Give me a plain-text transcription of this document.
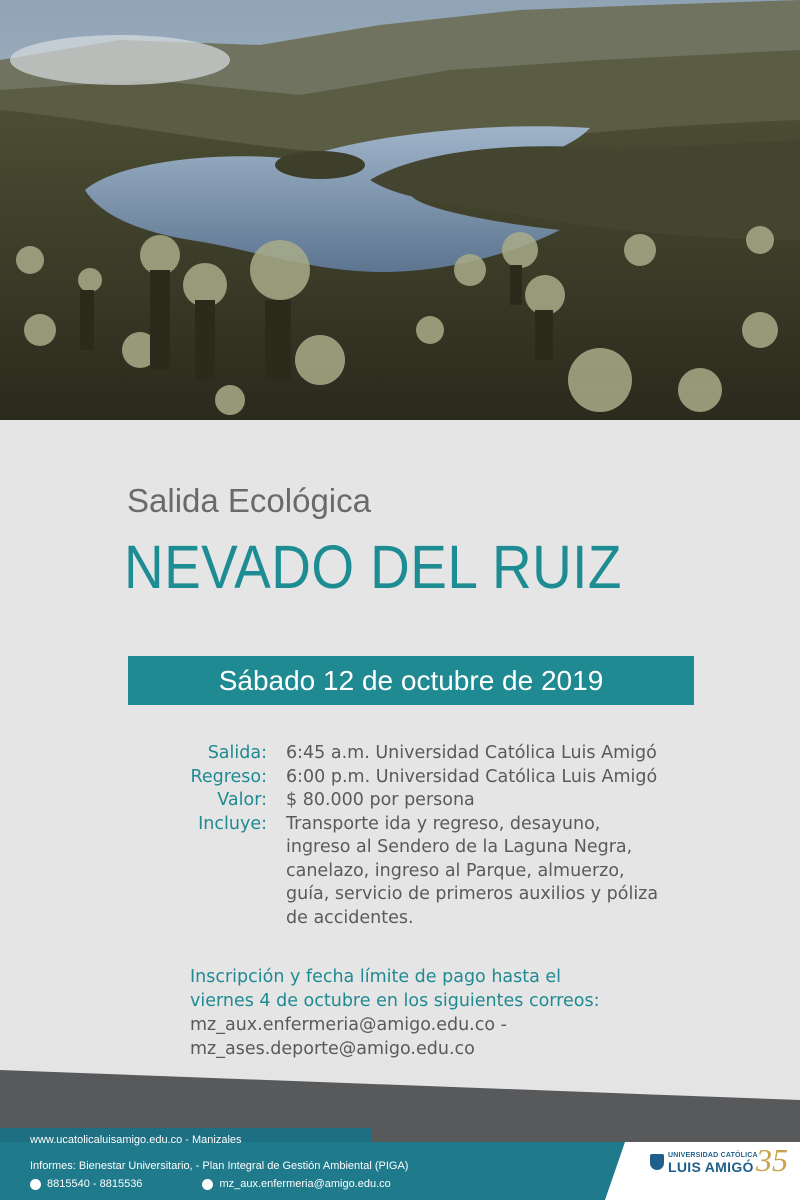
Salida Ecológica
NEVADO DEL RUIZ
Sábado 12 de octubre de 2019
Salida:	6:45 a.m. Universidad Católica Luis Amigó
Regreso:	6:00 p.m. Universidad Católica Luis Amigó
Valor:	$ 80.000 por persona
Incluye:	Transporte ida y regreso, desayuno, ingreso al Sendero de la Laguna Negra, canelazo, ingreso al Parque, almuerzo, guía, servicio de primeros auxilios y póliza de accidentes.
Inscripción y fecha límite de pago hasta el
viernes 4 de octubre en los siguientes correos:
mz_aux.enfermeria@amigo.edu.co -
mz_ases.deporte@amigo.edu.co
www.ucatolicaluisamigo.edu.co - Manizales
Informes: Bienestar Universitario, - Plan Integral de Gestión Ambiental (PIGA)
8815540 - 8815536	mz_aux.enfermeria@amigo.edu.co
UNIVERSIDAD CATÓLICA
LUIS AMIGÓ 35
